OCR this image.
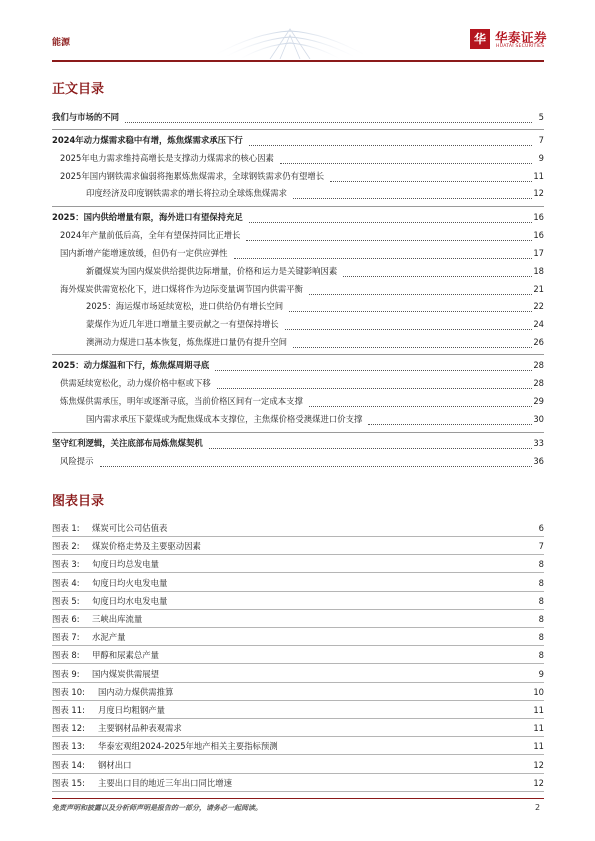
能源	华 华泰证券
HUATAI SECURITIES
正文目录
我们与市场的不同	5
2024年动力煤需求稳中有增，炼焦煤需求承压下行	7
2025年电力需求维持高增长是支撑动力煤需求的核心因素	9
2025年国内钢铁需求偏弱将拖累炼焦煤需求，全球钢铁需求仍有望增长	11
印度经济及印度钢铁需求的增长将拉动全球炼焦煤需求	12
2025：国内供给增量有限，海外进口有望保持充足	16
2024年产量前低后高，全年有望保持同比正增长	16
国内新增产能增速放缓，但仍有一定供应弹性	17
新疆煤炭为国内煤炭供给提供边际增量，价格和运力是关键影响因素	18
海外煤炭供需宽松化下，进口煤将作为边际变量调节国内供需平衡	21
2025：海运煤市场延续宽松，进口供给仍有增长空间	22
蒙煤作为近几年进口增量主要贡献之一有望保持增长	24
澳洲动力煤进口基本恢复，炼焦煤进口量仍有提升空间	26
2025：动力煤温和下行，炼焦煤周期寻底	28
供需延续宽松化，动力煤价格中枢或下移	28
炼焦煤供需承压，明年或逐渐寻底，当前价格区间有一定成本支撑	29
国内需求承压下蒙煤或为配焦煤成本支撑位，主焦煤价格受澳煤进口价支撑	30
坚守红利逻辑，关注底部布局炼焦煤契机	33
风险提示	36
图表目录
图表 1: 煤炭可比公司估值表	6
图表 2: 煤炭价格走势及主要驱动因素	7
图表 3: 旬度日均总发电量	8
图表 4: 旬度日均火电发电量	8
图表 5: 旬度日均水电发电量	8
图表 6: 三峡出库流量	8
图表 7: 水泥产量	8
图表 8: 甲醇和尿素总产量	8
图表 9: 国内煤炭供需展望	9
图表 10: 国内动力煤供需推算	10
图表 11: 月度日均粗钢产量	11
图表 12: 主要钢材品种表观需求	11
图表 13: 华泰宏观组2024-2025年地产相关主要指标预测	11
图表 14: 钢材出口	12
图表 15: 主要出口目的地近三年出口同比增速	12
免责声明和披露以及分析师声明是报告的一部分，请务必一起阅读。	2
